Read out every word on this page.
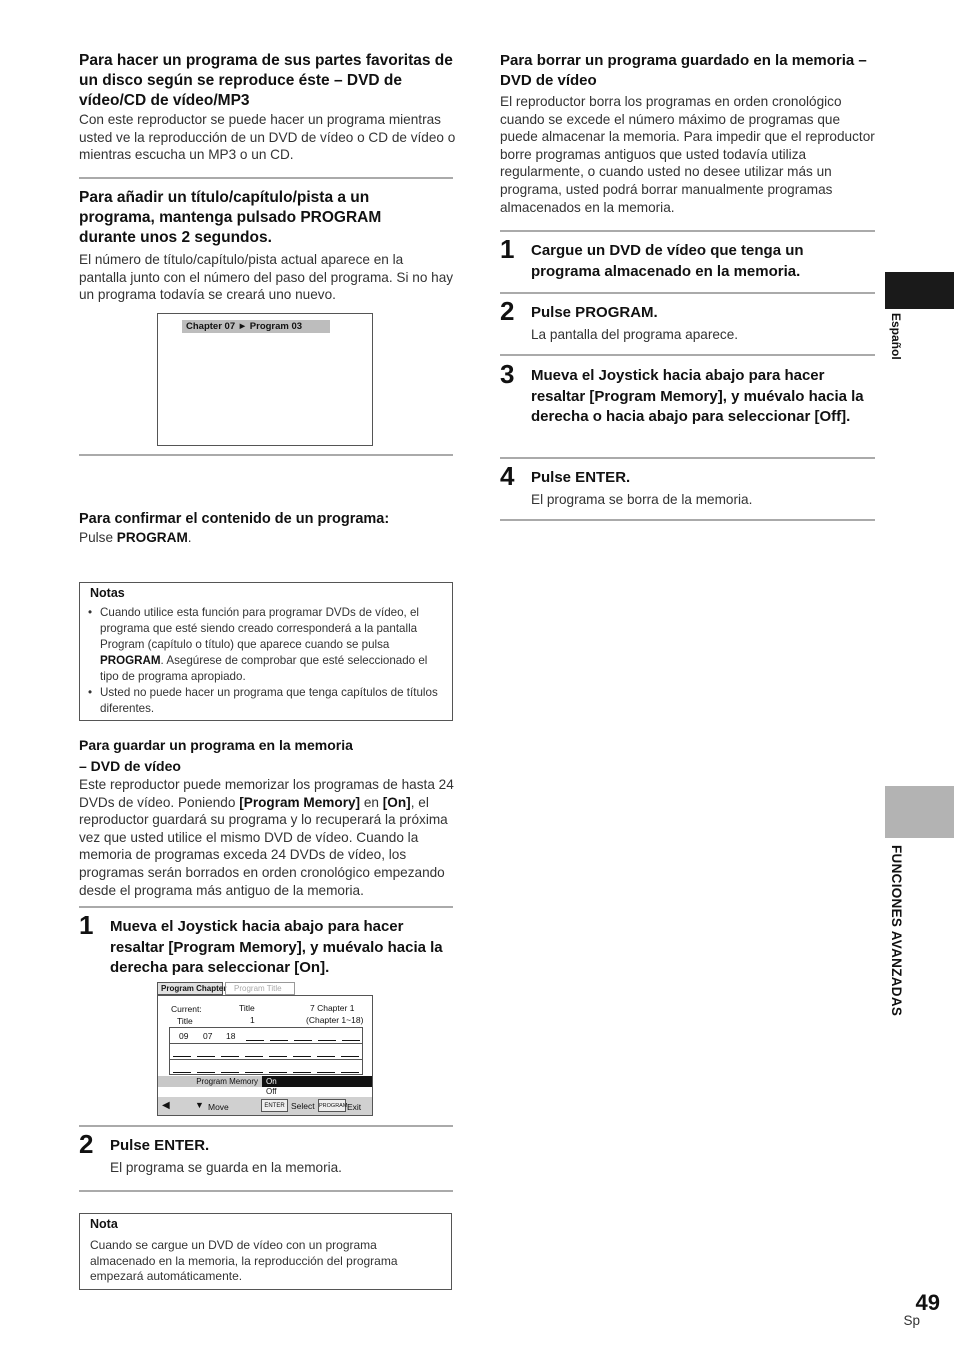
Para hacer un programa de sus partes favoritas de un disco según se reproduce éste – DVD de vídeo/CD de vídeo/MP3
Con este reproductor se puede hacer un programa mientras usted ve la reproducción de un DVD de vídeo o CD de vídeo o mientras escucha un MP3 o un CD.
Para añadir un título/capítulo/pista a un programa, mantenga pulsado PROGRAM durante unos 2 segundos.
El número de título/capítulo/pista actual aparece en la pantalla junto con el número del paso del programa. Si no hay un programa todavía se creará uno nuevo.
Chapter 07 ► Program 03
Para confirmar el contenido de un programa:
Pulse PROGRAM.
Notas
• Cuando utilice esta función para programar DVDs de vídeo, el programa que esté siendo creado corresponderá a la pantalla Program (capítulo o título) que aparece cuando se pulsa PROGRAM. Asegúrese de comprobar que esté seleccionado el tipo de programa apropiado.
• Usted no puede hacer un programa que tenga capítulos de títulos diferentes.
Para guardar un programa en la memoria
– DVD de vídeo
Este reproductor puede memorizar los programas de hasta 24 DVDs de vídeo. Poniendo [Program Memory] en [On], el reproductor guardará su programa y lo recuperará la próxima vez que usted utilice el mismo DVD de vídeo. Cuando la memoria de programas exceda 24 DVDs de vídeo, los programas serán borrados en orden cronológico empezando desde el programa más antiguo de la memoria.
1 Mueva el Joystick hacia abajo para hacer resaltar [Program Memory], y muévalo hacia la derecha para seleccionar [On].
Program Chapter Program Title
Current:
Title
Title
1
7 Chapter 1
(Chapter 1~18)
09 07 18
Program Memory	On
Off
◀	▼ Move	ENTER Select PROGRAM Exit
2 Pulse ENTER.
El programa se guarda en la memoria.
Nota
Cuando se cargue un DVD de vídeo con un programa almacenado en la memoria, la reproducción del programa empezará automáticamente.
Para borrar un programa guardado en la memoria – DVD de vídeo
El reproductor borra los programas en orden cronológico cuando se excede el número máximo de programas que puede almacenar la memoria. Para impedir que el reproductor borre programas antiguos que usted todavía utiliza regularmente, o cuando usted no desee utilizar más un programa, usted podrá borrar manualmente programas almacenados en la memoria.
1 Cargue un DVD de vídeo que tenga un programa almacenado en la memoria.
2 Pulse PROGRAM.
La pantalla del programa aparece.
3 Mueva el Joystick hacia abajo para hacer resaltar [Program Memory], y muévalo hacia la derecha o hacia abajo para seleccionar [Off].
4 Pulse ENTER.
El programa se borra de la memoria.
Español
FUNCIONES AVANZADAS
49
Sp
